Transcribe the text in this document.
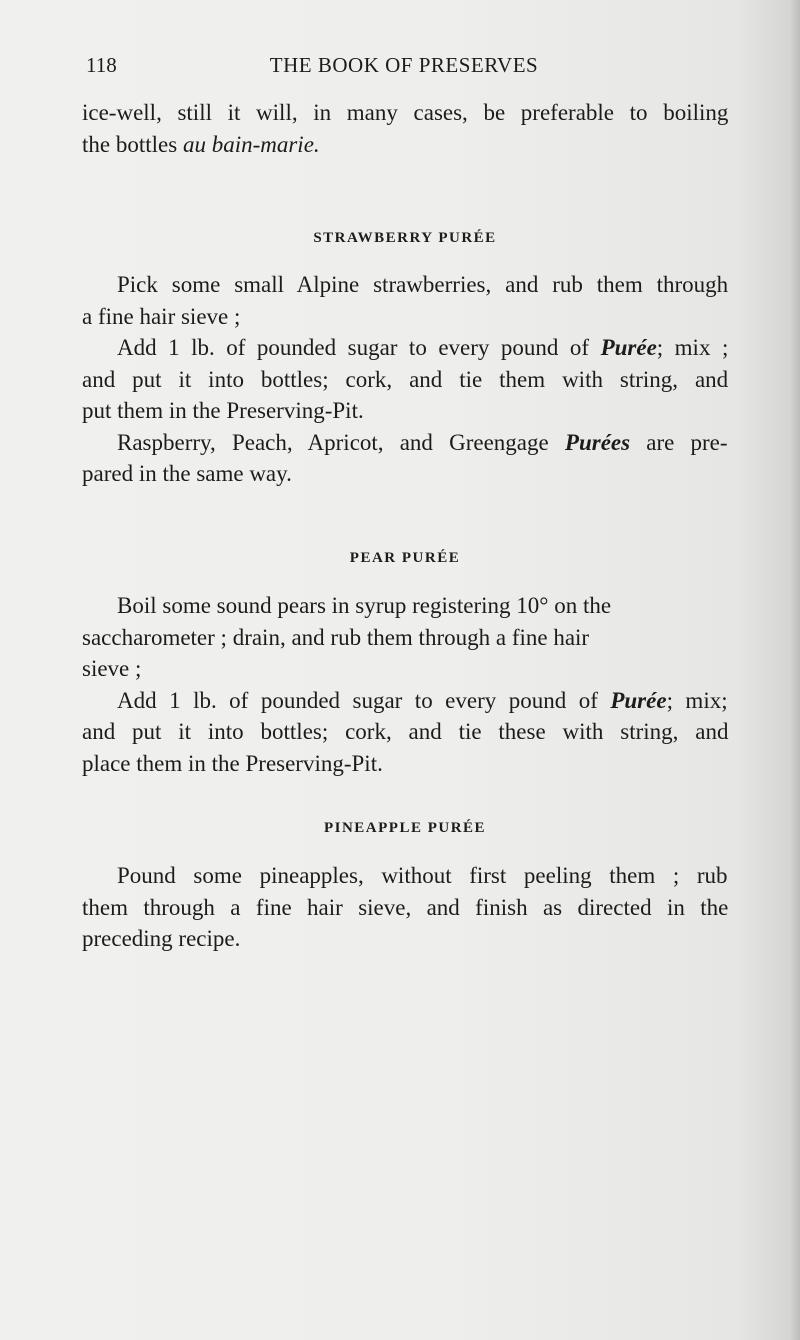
118	THE BOOK OF PRESERVES
ice-well, still it will, in many cases, be preferable to boiling
the bottles au bain-marie.
STRAWBERRY PURÉE
Pick some small Alpine strawberries, and rub them through
a fine hair sieve ;
Add 1 lb. of pounded sugar to every pound of Purée; mix ;
and put it into bottles; cork, and tie them with string, and
put them in the Preserving-Pit.
Raspberry, Peach, Apricot, and Greengage Purées are pre-
pared in the same way.
PEAR PURÉE
Boil some sound pears in syrup registering 10° on the
saccharometer ; drain, and rub them through a fine hair
sieve ;
Add 1 lb. of pounded sugar to every pound of Purée; mix;
and put it into bottles; cork, and tie these with string, and
place them in the Preserving-Pit.
PINEAPPLE PURÉE
Pound some pineapples, without first peeling them ; rub
them through a fine hair sieve, and finish as directed in the
preceding recipe.
